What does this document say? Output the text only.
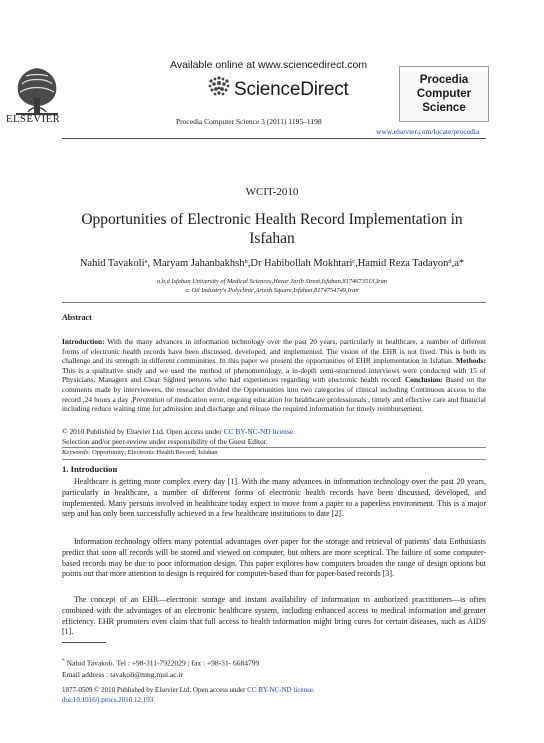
ELSEVIER
Available online at www.sciencedirect.com
ScienceDirect
Procedia Computer Science 3 (2011) 1195–1198
Procedia
Computer
Science
www.elsevier.com/locate/procedia
WCIT-2010
Opportunities of Electronic Health Record Implementation in
Isfahan
Nahid Tavakoliᵃ, Maryam Jahanbakhshᵇ,Dr Habibollah Mokhtariᶜ,Hamid Reza Tadayonᵈ,a*
a,b,d Isfahan University of Medical Sciences,Hezar Jarib Street,Isfahan,8174673513,Iran
c. Oil Industry's Polyclinic,Artesh Square,Isfahan,8174754749,Iran
Abstract
Introduction: With the many advances in information technology over the past 20 years, particularly in healthcare, a number of different forms of electronic health records have been discussed, developed, and implemented. The vision of the EHR is not fixed. This is both its challenge and its strength in different communities. In this paper we present the opportunities of EHR implementation in Isfahan. Methods: This is a qualitative study and we used the method of phenomenology, a in-depth semi-structured interviews were conducted with 15 of Physicians, Managers and Clear Sighted persons who had experiences regarding with electronic health record. Conclusion: Based on the comments made by interviewees, the reseacher divided the Opportunities into two categories of clinical including Continuous access to the record ,24 hours a day ,Prevention of medication error, ongoing education for healthcare professionals , timely and effective care and financial including reduce waiting time for admission and discharge and release the required information for timely reimbursement.
© 2010 Published by Elsevier Ltd. Open access under CC BY-NC-ND license.
Selection and/or peer-review under responsibility of the Guest Editor.
Keywords: Opportunity; Electronic Health Record; Isfahan
1. Introduction
Healthcare is getting more complex every day [1]. With the many advances in information technology over the past 20 years, particularly in healthcare, a number of different forms of electronic health records have been discussed, developed, and implemented. Many persons involved in healthcare today expect to move from a paper to a paperless environment. This is a major step and has only been successfully achieved in a few healthcare institutions to date [2].
Information technology offers many potential advantages over paper for the storage and retrieval of patients' data Enthusiasts predict that soon all records will be stored and viewed on computer, but others are more sceptical. The failure of some computer-based records may be due to poor information design. This paper explores how computers broaden the range of design options but points out that more attention to design is required for computer-based than for paper-based records [3].
The concept of an EHR—electronic storage and instant availability of information to authorized practitioners—is often combined with the advantages of an electronic healthcare system, including enhanced access to medical information and greater efficiency. EHR promoters even claim that full access to health information might bring cures for certain diseases, such as AIDS [1].
* Nahid Tavakoli. Tel : +98-311-7922029 ; fax : +98-31- 6684799
Email address : tavakoli@mng.mui.ac.ir
1877-0509 © 2010 Published by Elsevier Ltd. Open access under CC BY-NC-ND license.
doi:10.1016/j.procs.2010.12.193
